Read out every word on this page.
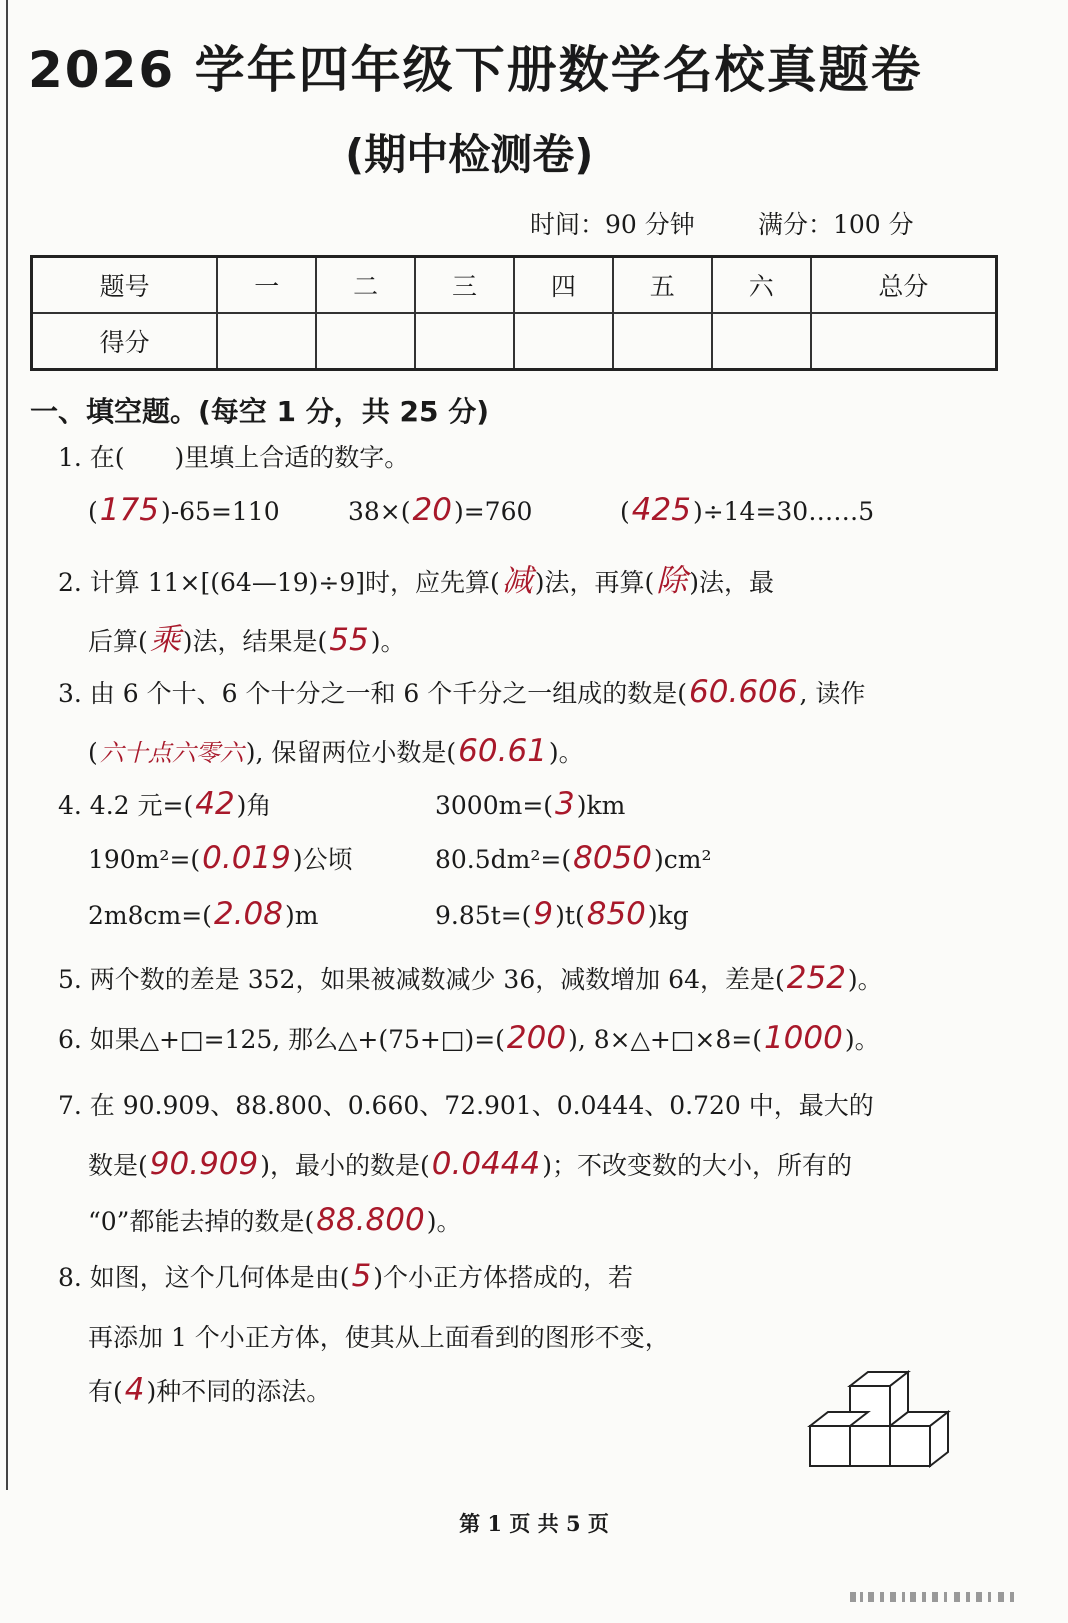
2026 学年四年级下册数学名校真题卷
(期中检测卷)
时间：90 分钟	满分：100 分
题号	一	二	三	四	五	六	总分
得分							
一、填空题。(每空 1 分，共 25 分)
1. 在(　　)里填上合适的数字。
(175)-65=110	38×(20)=760	(425)÷14=30……5
2. 计算 11×[(64—19)÷9]时，应先算(减)法，再算(除)法，最
后算(乘)法，结果是(55)。
3. 由 6 个十、6 个十分之一和 6 个千分之一组成的数是(60.606, 读作
(六十点六零六), 保留两位小数是(60.61)。
4. 4.2 元=(42)角	3000m=(3)km
190m²=(0.019)公顷	80.5dm²=(8050)cm²
2m8cm=(2.08)m	9.85t=(9)t(850)kg
5. 两个数的差是 352，如果被减数减少 36，减数增加 64，差是(252)。
6. 如果△+□=125, 那么△+(75+□)=(200), 8×△+□×8=(1000)。
7. 在 90.909、88.800、0.660、72.901、0.0444、0.720 中，最大的
数是(90.909)，最小的数是(0.0444)；不改变数的大小，所有的
“0”都能去掉的数是(88.800)。
8. 如图，这个几何体是由(5)个小正方体搭成的，若
再添加 1 个小正方体，使其从上面看到的图形不变，
有(4)种不同的添法。
第 1 页 共 5 页
